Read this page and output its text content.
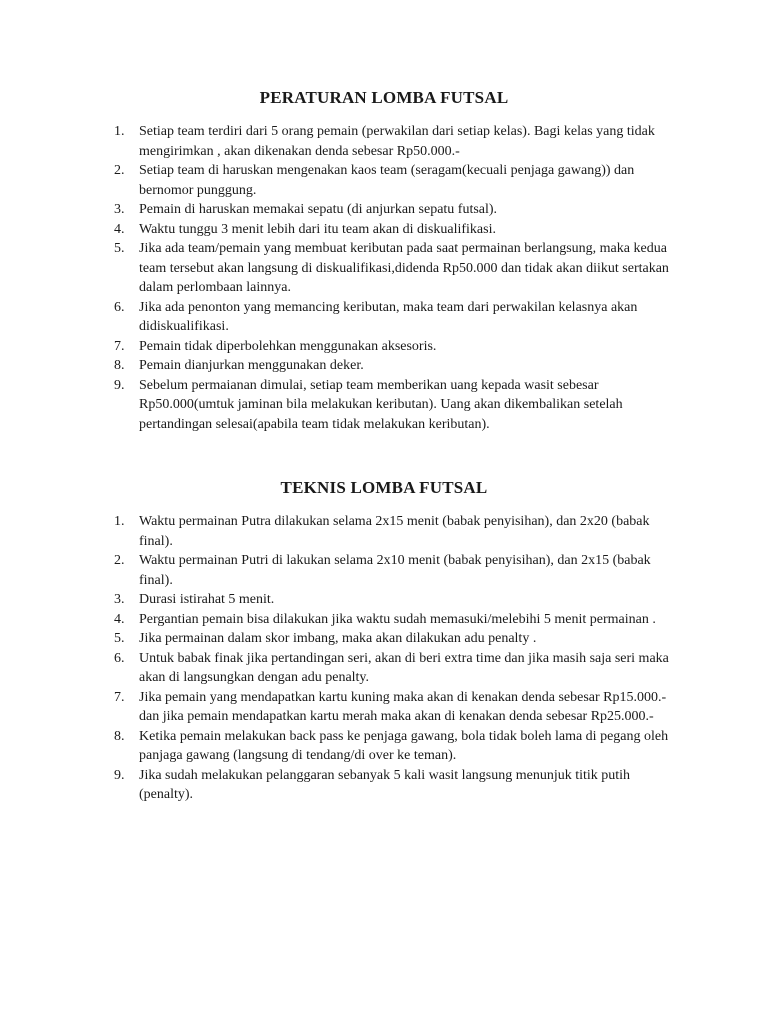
PERATURAN LOMBA FUTSAL
1.	Setiap team terdiri dari 5 orang pemain (perwakilan dari setiap kelas). Bagi kelas yang tidak mengirimkan , akan dikenakan denda sebesar Rp50.000.-
2.	Setiap team di haruskan mengenakan kaos team (seragam(kecuali penjaga gawang)) dan bernomor punggung.
3.	Pemain di haruskan memakai sepatu (di anjurkan sepatu futsal).
4.	Waktu tunggu 3 menit lebih dari itu team akan di diskualifikasi.
5.	Jika ada team/pemain yang membuat keributan pada saat permainan berlangsung, maka kedua team tersebut akan langsung di diskualifikasi,didenda Rp50.000 dan tidak akan diikut sertakan dalam perlombaan lainnya.
6.	Jika ada penonton yang memancing keributan, maka team dari perwakilan kelasnya akan didiskualifikasi.
7.	Pemain tidak diperbolehkan menggunakan aksesoris.
8.	Pemain dianjurkan menggunakan deker.
9.	Sebelum permaianan dimulai, setiap team memberikan uang kepada wasit sebesar Rp50.000(umtuk jaminan bila melakukan keributan). Uang akan dikembalikan setelah pertandingan selesai(apabila team tidak melakukan keributan).
TEKNIS LOMBA FUTSAL
1.	Waktu permainan Putra dilakukan selama 2x15 menit (babak penyisihan), dan 2x20 (babak final).
2.	Waktu permainan Putri di lakukan selama 2x10 menit (babak penyisihan), dan 2x15 (babak final).
3.	Durasi istirahat 5 menit.
4.	Pergantian pemain bisa dilakukan jika waktu sudah memasuki/melebihi 5 menit permainan .
5.	Jika permainan dalam skor imbang, maka akan dilakukan adu penalty .
6.	Untuk babak finak jika pertandingan seri, akan di beri extra time dan jika masih saja seri maka akan di langsungkan dengan adu penalty.
7.	Jika pemain yang mendapatkan kartu kuning maka akan di kenakan denda sebesar Rp15.000.- dan jika pemain mendapatkan kartu merah maka akan di kenakan denda sebesar Rp25.000.-
8.	Ketika pemain melakukan back pass ke penjaga gawang, bola tidak boleh lama di pegang oleh panjaga gawang (langsung di tendang/di over ke teman).
9.	Jika sudah melakukan pelanggaran sebanyak 5 kali wasit langsung menunjuk titik putih (penalty).
